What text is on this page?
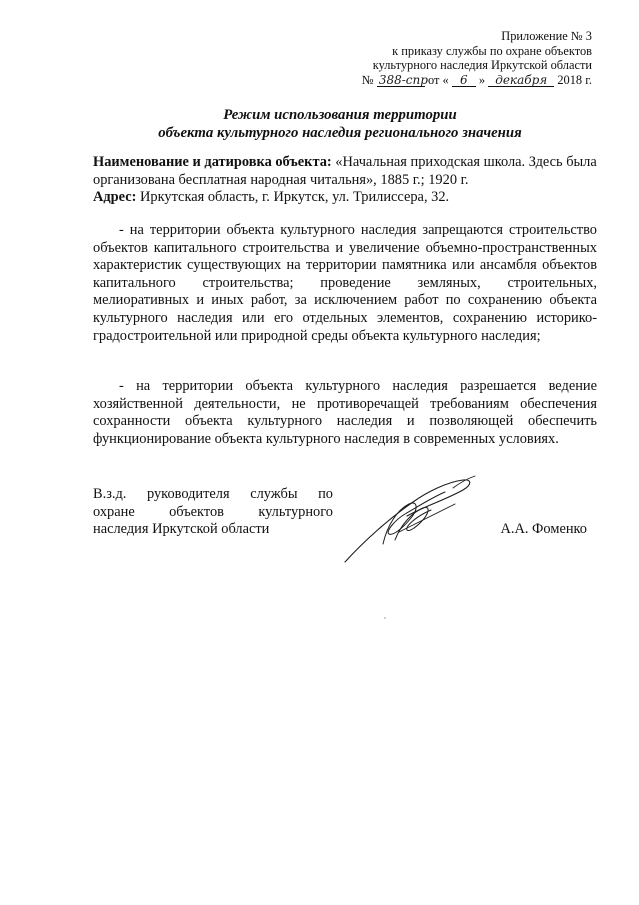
Приложение № 3
к приказу службы по охране объектов
культурного наследия Иркутской области
№ 388-спр от « 6 » декабря 2018 г.
Режим использования территории
объекта культурного наследия регионального значения
Наименование и датировка объекта: «Начальная приходская школа. Здесь была организована бесплатная народная читальня», 1885 г.; 1920 г.
Адрес: Иркутская область, г. Иркутск, ул. Трилиссера, 32.
- на территории объекта культурного наследия запрещаются строительство объектов капитального строительства и увеличение объемно-пространственных характеристик существующих на территории памятника или ансамбля объектов капитального строительства; проведение земляных, строительных, мелиоративных и иных работ, за исключением работ по сохранению объекта культурного наследия или его отдельных элементов, сохранению историко-градостроительной или природной среды объекта культурного наследия;
- на территории объекта культурного наследия разрешается ведение хозяйственной деятельности, не противоречащей требованиям обеспечения сохранности объекта культурного наследия и позволяющей обеспечить функционирование объекта культурного наследия в современных условиях.
В.з.д. руководителя службы по
охране объектов культурного
наследия Иркутской области	А.А. Фоменко
